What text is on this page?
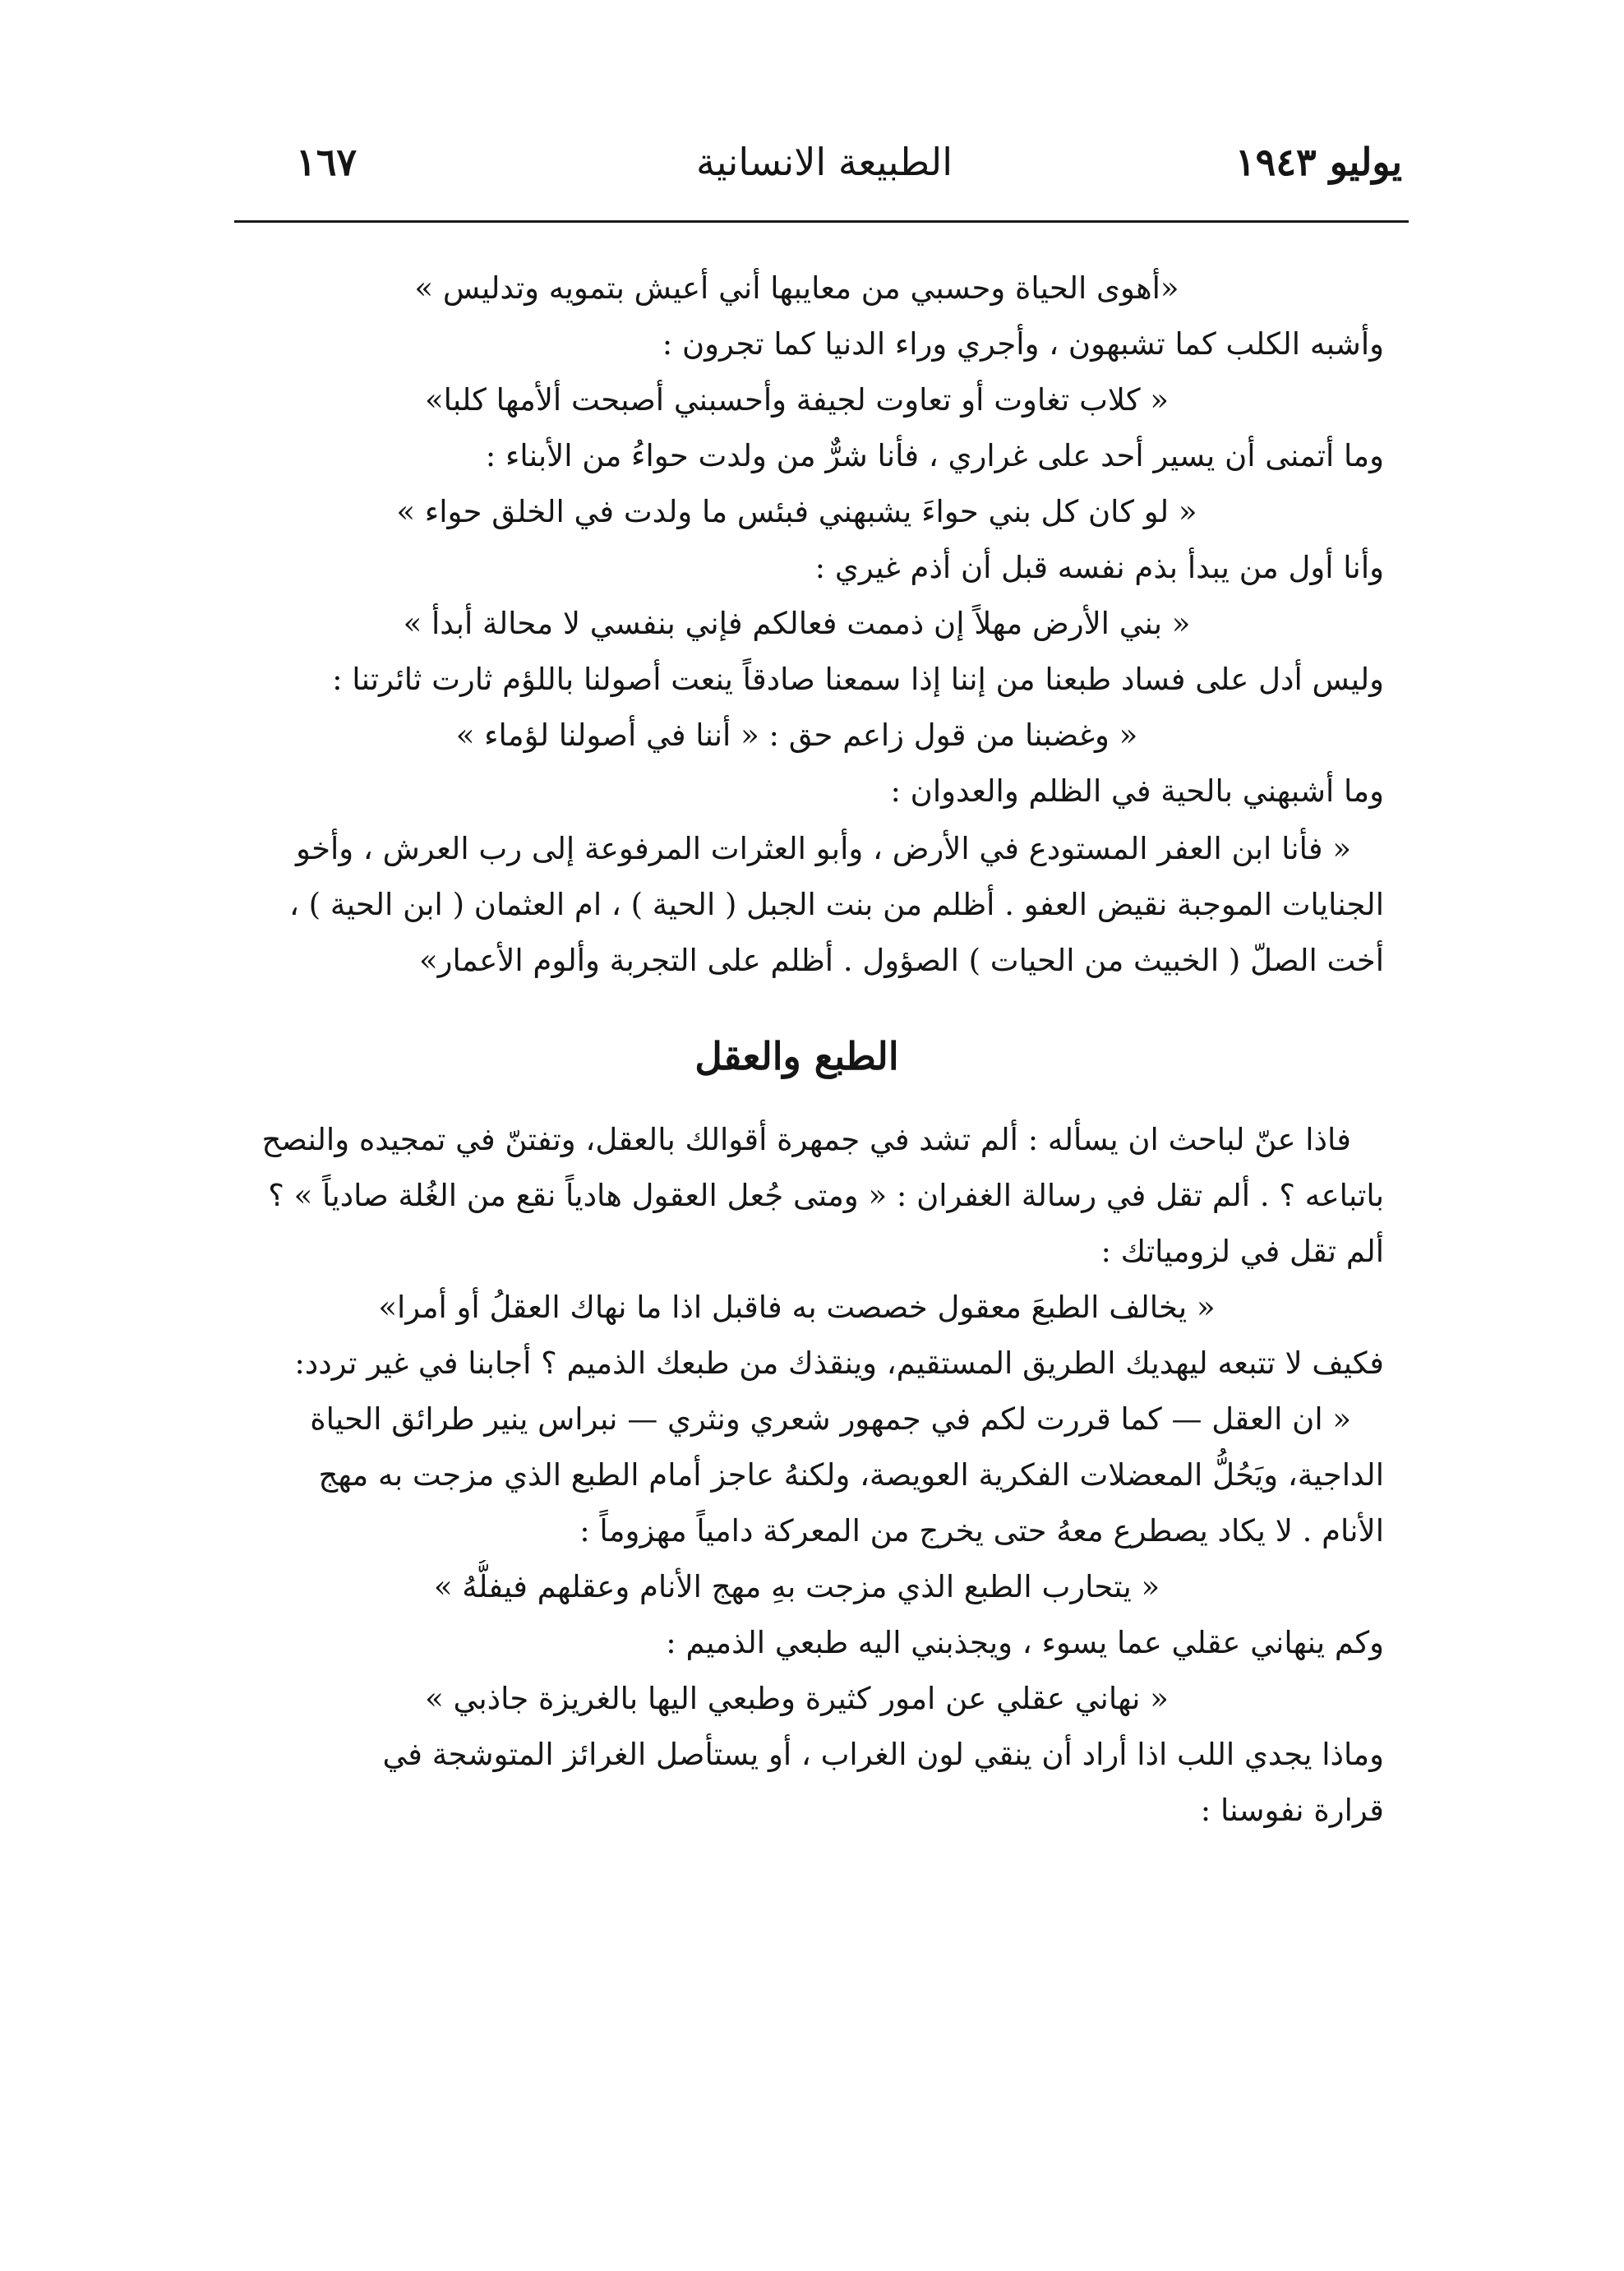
يوليو ١٩٤٣
الطبيعة الانسانية
١٦٧
«أهوى الحياة وحسبي من معايبها أني أعيش بتمويه وتدليس »
وأشبه الكلب كما تشبهون ، وأجري وراء الدنيا كما تجرون :
« كلاب تغاوت أو تعاوت لجيفة وأحسبني أصبحت ألأمها كلبا»
وما أتمنى أن يسير أحد على غراري ، فأنا شرٌّ من ولدت حواءُ من الأبناء :
« لو كان كل بني حواءَ يشبهني فبئس ما ولدت في الخلق حواء »
وأنا أول من يبدأ بذم نفسه قبل أن أذم غيري :
« بني الأرض مهلاً إن ذممت فعالكم فإني بنفسي لا محالة أبدأ »
وليس أدل على فساد طبعنا من إننا إذا سمعنا صادقاً ينعت أصولنا باللؤم ثارت ثائرتنا :
« وغضبنا من قول زاعم حق : « أننا في أصولنا لؤماء »
وما أشبهني بالحية في الظلم والعدوان :
« فأنا ابن العفر المستودع في الأرض ، وأبو العثرات المرفوعة إلى رب العرش ، وأخو
الجنايات الموجبة نقيض العفو . أظلم من بنت الجبل ( الحية ) ، ام العثمان ( ابن الحية ) ،
أخت الصلّ ( الخبيث من الحيات ) الصؤول . أظلم على التجربة وألوم الأعمار»
الطبع والعقل
فاذا عنّ لباحث ان يسأله : ألم تشد في جمهرة أقوالك بالعقل، وتفتنّ في تمجيده والنصح
باتباعه ؟ . ألم تقل في رسالة الغفران : « ومتى جُعل العقول هادياً نقع من الغُلة صادياً » ؟
ألم تقل في لزومياتك :
« يخالف الطبعَ معقول خصصت به فاقبل اذا ما نهاك العقلُ أو أمرا»
فكيف لا تتبعه ليهديك الطريق المستقيم، وينقذك من طبعك الذميم ؟ أجابنا في غير تردد:
« ان العقل — كما قررت لكم في جمهور شعري ونثري — نبراس ينير طرائق الحياة
الداجية، ويَحُلُّ المعضلات الفكرية العويصة، ولكنهُ عاجز أمام الطبع الذي مزجت به مهج
الأنام . لا يكاد يصطرع معهُ حتى يخرج من المعركة دامياً مهزوماً :
« يتحارب الطبع الذي مزجت بهِ مهج الأنام وعقلهم فيفلُّهُ »
وكم ينهاني عقلي عما يسوء ، ويجذبني اليه طبعي الذميم :
« نهاني عقلي عن امور كثيرة وطبعي اليها بالغريزة جاذبي »
وماذا يجدي اللب اذا أراد أن ينقي لون الغراب ، أو يستأصل الغرائز المتوشجة في
قرارة نفوسنا :
